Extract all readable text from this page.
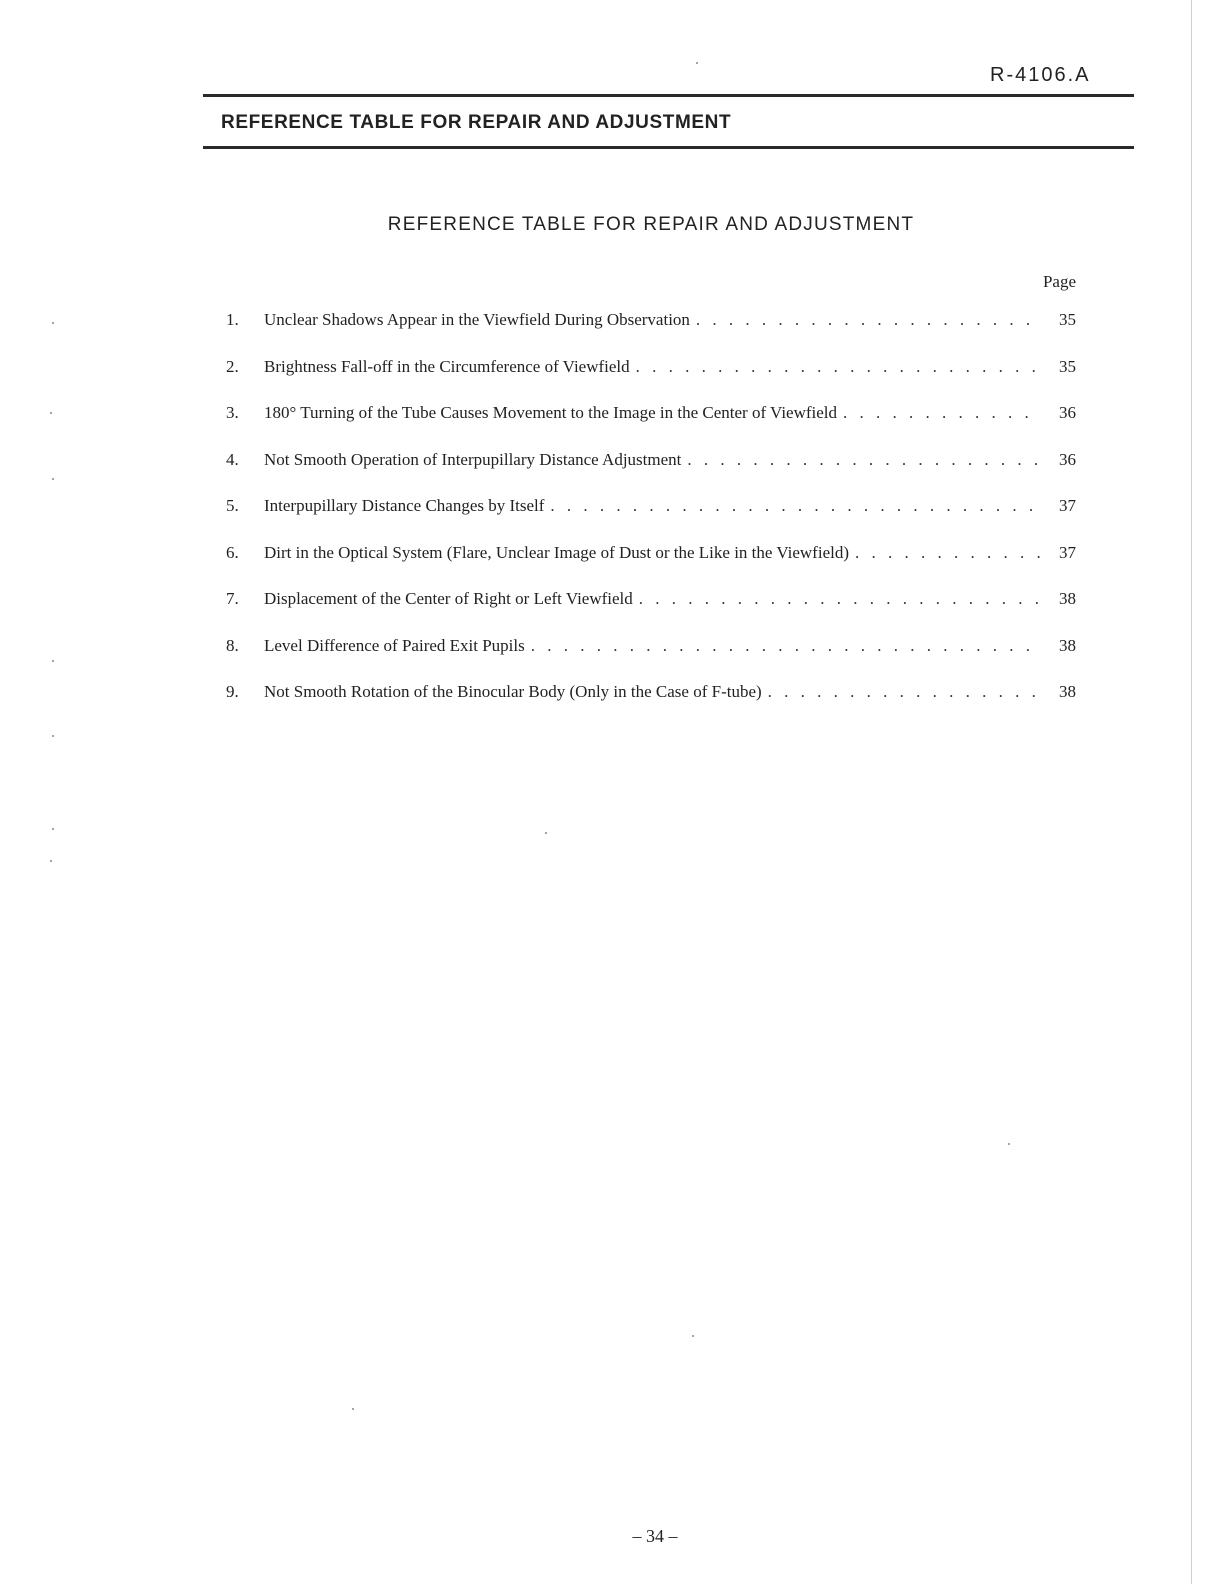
R-4106.A
REFERENCE TABLE FOR REPAIR AND ADJUSTMENT
REFERENCE TABLE FOR REPAIR AND ADJUSTMENT
Page
1.	Unclear Shadows Appear in the Viewfield During Observation . . .	35
2.	Brightness Fall-off in the Circumference of Viewfield . . .	35
3.	180° Turning of the Tube Causes Movement to the Image in the Center of Viewfield . . .	36
4.	Not Smooth Operation of Interpupillary Distance Adjustment . . .	36
5.	Interpupillary Distance Changes by Itself . . .	37
6.	Dirt in the Optical System (Flare, Unclear Image of Dust or the Like in the Viewfield) . . .	37
7.	Displacement of the Center of Right or Left Viewfield . . .	38
8.	Level Difference of Paired Exit Pupils . . .	38
9.	Not Smooth Rotation of the Binocular Body (Only in the Case of F-tube) . . .	38
– 34 –
